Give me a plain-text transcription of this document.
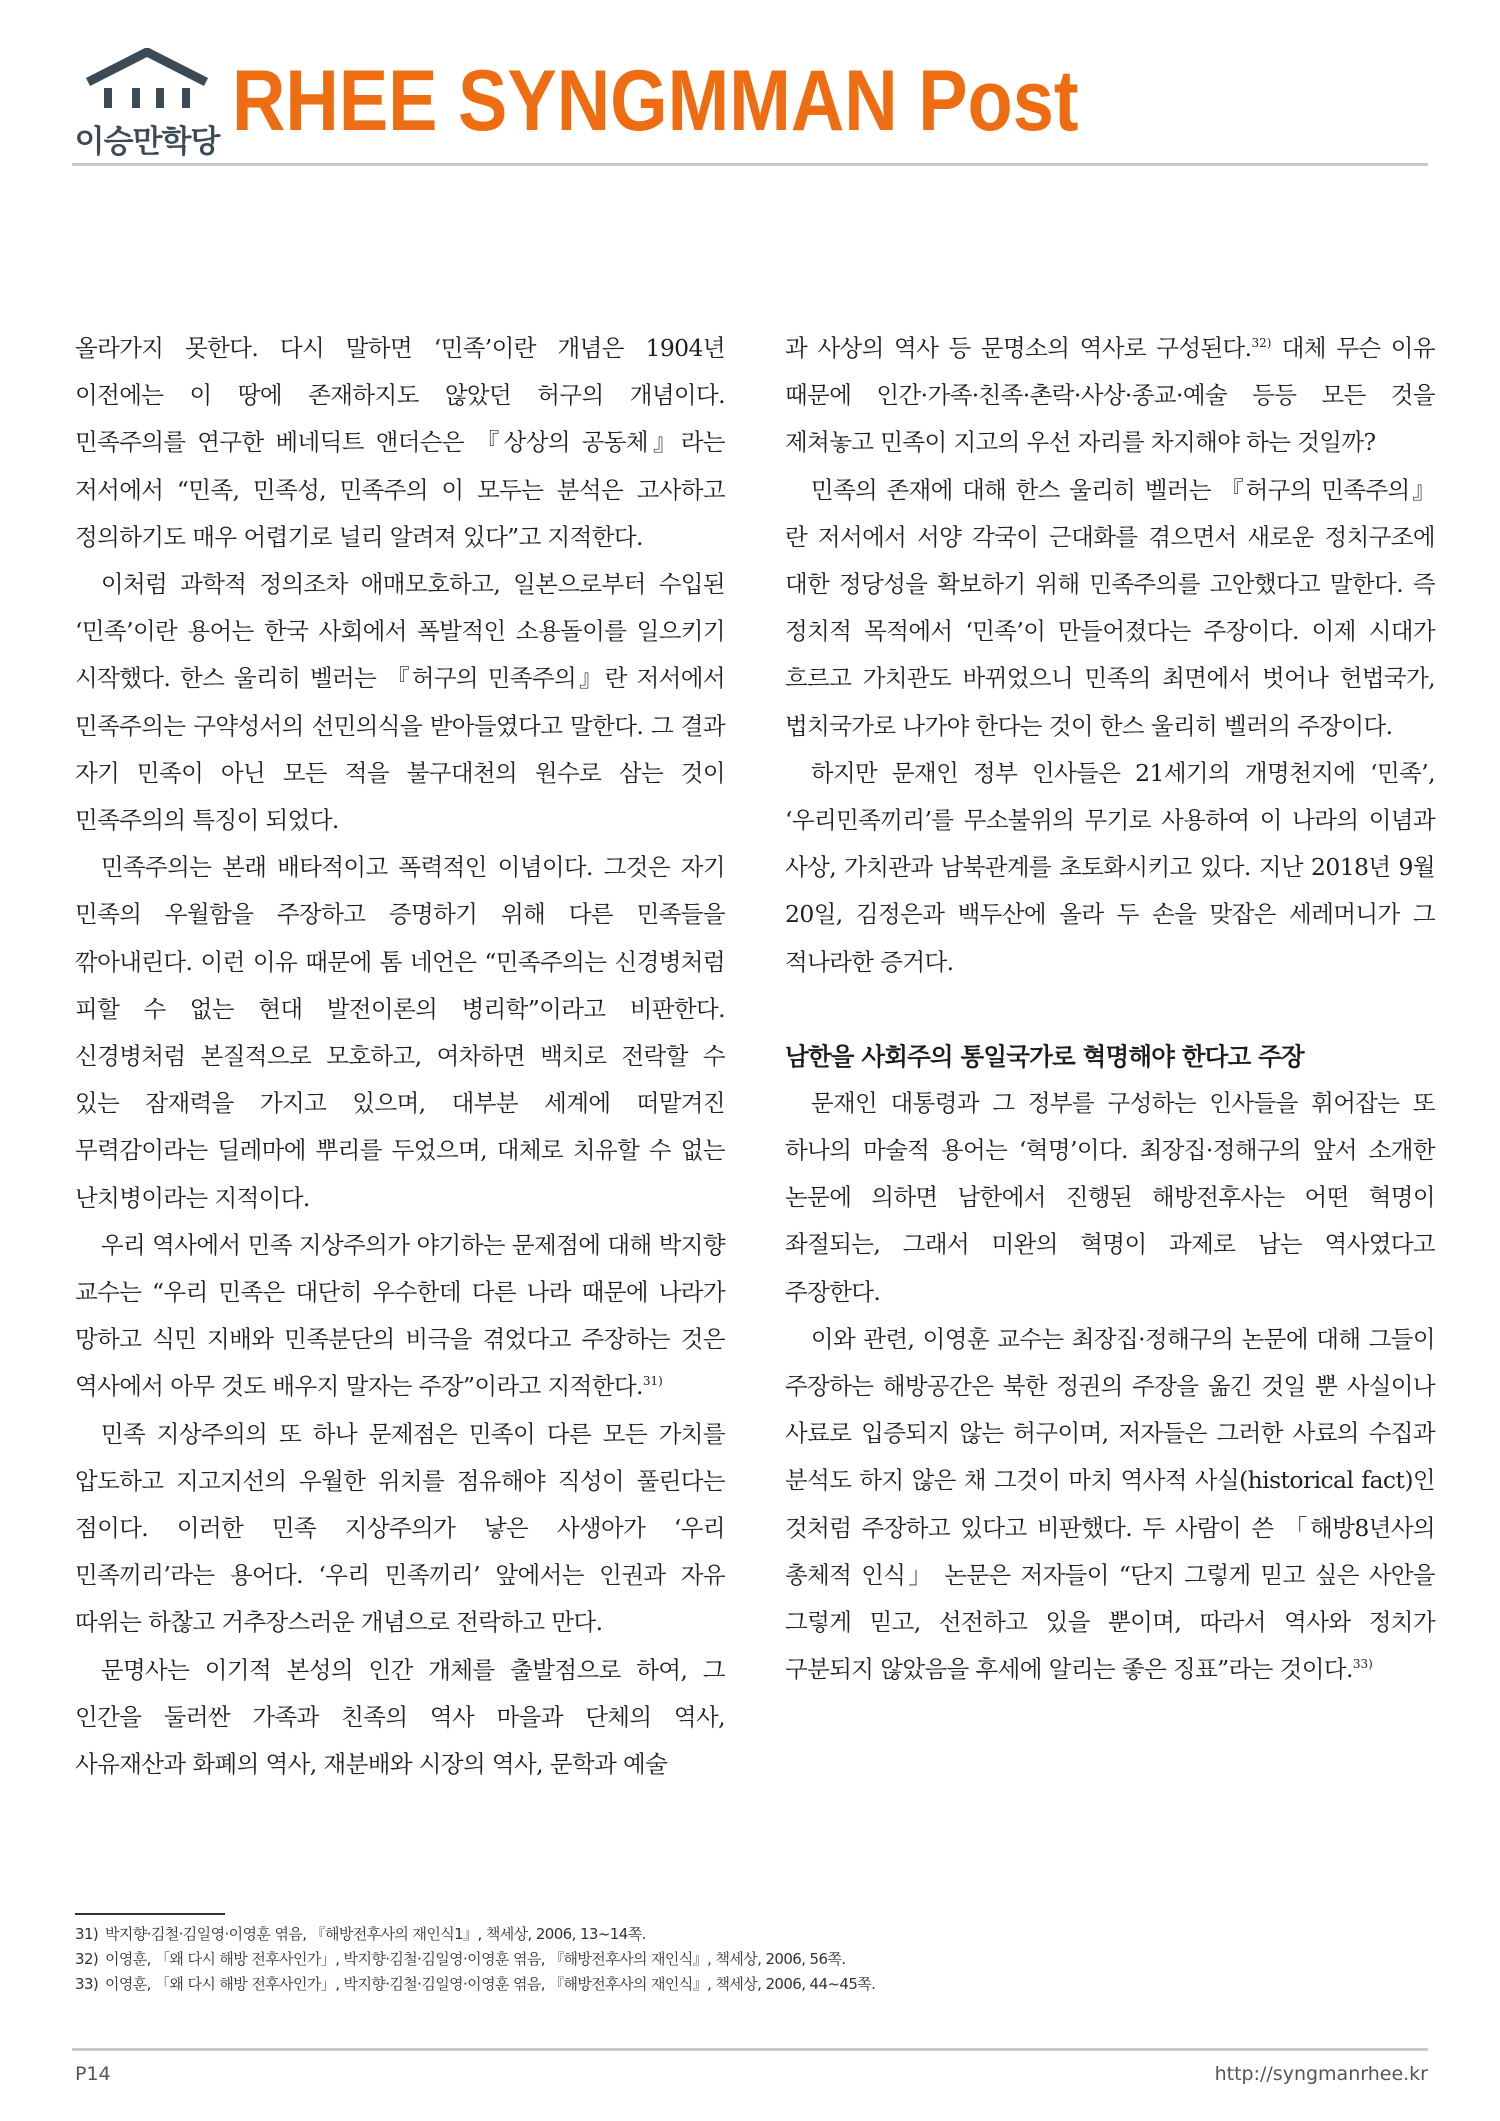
이승만학당 RHEE SYNGMMAN Post

올라가지 못한다. 다시 말하면 ‘민족’이란 개념은 1904년 이전에는 이 땅에 존재하지도 않았던 허구의 개념이다. 민족주의를 연구한 베네딕트 앤더슨은 『상상의 공동체』라는 저서에서 “민족, 민족성, 민족주의 이 모두는 분석은 고사하고 정의하기도 매우 어렵기로 널리 알려져 있다”고 지적한다.

이처럼 과학적 정의조차 애매모호하고, 일본으로부터 수입된 ‘민족’이란 용어는 한국 사회에서 폭발적인 소용돌이를 일으키기 시작했다. 한스 울리히 벨러는 『허구의 민족주의』란 저서에서 민족주의는 구약성서의 선민의식을 받아들였다고 말한다. 그 결과 자기 민족이 아닌 모든 적을 불구대천의 원수로 삼는 것이 민족주의의 특징이 되었다.

민족주의는 본래 배타적이고 폭력적인 이념이다. 그것은 자기 민족의 우월함을 주장하고 증명하기 위해 다른 민족들을 깎아내린다. 이런 이유 때문에 톰 네언은 “민족주의는 신경병처럼 피할 수 없는 현대 발전이론의 병리학”이라고 비판한다. 신경병처럼 본질적으로 모호하고, 여차하면 백치로 전락할 수 있는 잠재력을 가지고 있으며, 대부분 세계에 떠맡겨진 무력감이라는 딜레마에 뿌리를 두었으며, 대체로 치유할 수 없는 난치병이라는 지적이다.

우리 역사에서 민족 지상주의가 야기하는 문제점에 대해 박지향 교수는 “우리 민족은 대단히 우수한데 다른 나라 때문에 나라가 망하고 식민 지배와 민족분단의 비극을 겪었다고 주장하는 것은 역사에서 아무 것도 배우지 말자는 주장”이라고 지적한다.$^{31)}$

민족 지상주의의 또 하나 문제점은 민족이 다른 모든 가치를 압도하고 지고지선의 우월한 위치를 점유해야 직성이 풀린다는 점이다. 이러한 민족 지상주의가 낳은 사생아가 ‘우리 민족끼리’라는 용어다. ‘우리 민족끼리’ 앞에서는 인권과 자유 따위는 하찮고 거추장스러운 개념으로 전락하고 만다.

문명사는 이기적 본성의 인간 개체를 출발점으로 하여, 그 인간을 둘러싼 가족과 친족의 역사 마을과 단체의 역사, 사유재산과 화폐의 역사, 재분배와 시장의 역사, 문학과 예술

과 사상의 역사 등 문명소의 역사로 구성된다.$^{32)}$ 대체 무슨 이유 때문에 인간·가족·친족·촌락·사상·종교·예술 등등 모든 것을 제쳐놓고 민족이 지고의 우선 자리를 차지해야 하는 것일까?

민족의 존재에 대해 한스 울리히 벨러는 『허구의 민족주의』란 저서에서 서양 각국이 근대화를 겪으면서 새로운 정치구조에 대한 정당성을 확보하기 위해 민족주의를 고안했다고 말한다. 즉 정치적 목적에서 ‘민족’이 만들어졌다는 주장이다. 이제 시대가 흐르고 가치관도 바뀌었으니 민족의 최면에서 벗어나 헌법국가, 법치국가로 나가야 한다는 것이 한스 울리히 벨러의 주장이다.

하지만 문재인 정부 인사들은 21세기의 개명천지에 ‘민족’, ‘우리민족끼리’를 무소불위의 무기로 사용하여 이 나라의 이념과 사상, 가치관과 남북관계를 초토화시키고 있다. 지난 2018년 9월 20일, 김정은과 백두산에 올라 두 손을 맞잡은 세레머니가 그 적나라한 증거다.

남한을 사회주의 통일국가로 혁명해야 한다고 주장

문재인 대통령과 그 정부를 구성하는 인사들을 휘어잡는 또 하나의 마술적 용어는 ‘혁명’이다. 최장집·정해구의 앞서 소개한 논문에 의하면 남한에서 진행된 해방전후사는 어떤 혁명이 좌절되는, 그래서 미완의 혁명이 과제로 남는 역사였다고 주장한다.

이와 관련, 이영훈 교수는 최장집·정해구의 논문에 대해 그들이 주장하는 해방공간은 북한 정권의 주장을 옮긴 것일 뿐 사실이나 사료로 입증되지 않는 허구이며, 저자들은 그러한 사료의 수집과 분석도 하지 않은 채 그것이 마치 역사적 사실(historical fact)인 것처럼 주장하고 있다고 비판했다. 두 사람이 쓴 「해방8년사의 총체적 인식」 논문은 저자들이 “단지 그렇게 믿고 싶은 사안을 그렇게 믿고, 선전하고 있을 뿐이며, 따라서 역사와 정치가 구분되지 않았음을 후세에 알리는 좋은 징표”라는 것이다.$^{33)}$

31) 박지향·김철·김일영·이영훈 엮음, 『해방전후사의 재인식1』, 책세상, 2006, 13~14쪽.
32) 이영훈, 「왜 다시 해방 전후사인가」, 박지향·김철·김일영·이영훈 엮음, 『해방전후사의 재인식』, 책세상, 2006, 56쪽.
33) 이영훈, 「왜 다시 해방 전후사인가」, 박지향·김철·김일영·이영훈 엮음, 『해방전후사의 재인식』, 책세상, 2006, 44~45쪽.
P14	http://syngmanrhee.kr
